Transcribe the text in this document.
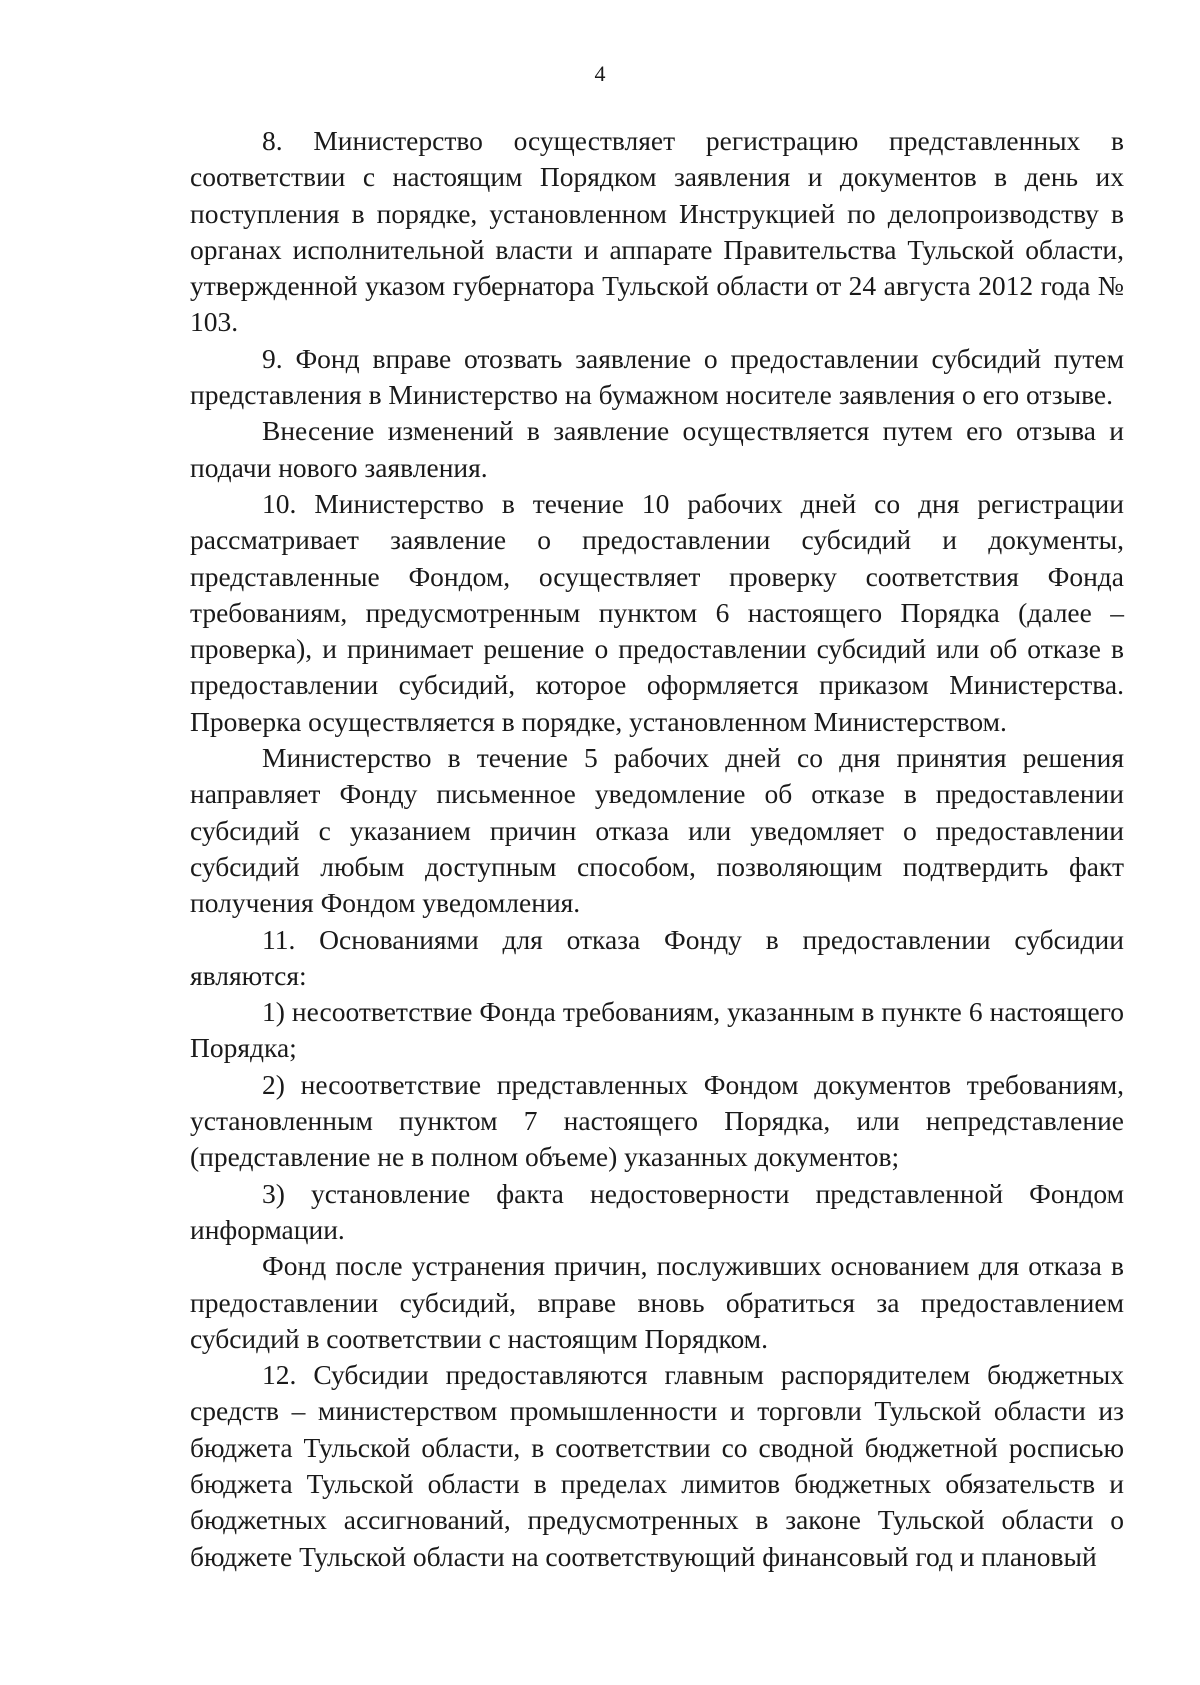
4

8. Министерство осуществляет регистрацию представленных в соответствии с настоящим Порядком заявления и документов в день их поступления в порядке, установленном Инструкцией по делопроизводству в органах исполнительной власти и аппарате Правительства Тульской области, утвержденной указом губернатора Тульской области от 24 августа 2012 года № 103.

9. Фонд вправе отозвать заявление о предоставлении субсидий путем представления в Министерство на бумажном носителе заявления о его отзыве.

Внесение изменений в заявление осуществляется путем его отзыва и подачи нового заявления.

10. Министерство в течение 10 рабочих дней со дня регистрации рассматривает заявление о предоставлении субсидий и документы, представленные Фондом, осуществляет проверку соответствия Фонда требованиям, предусмотренным пунктом 6 настоящего Порядка (далее – проверка), и принимает решение о предоставлении субсидий или об отказе в предоставлении субсидий, которое оформляется приказом Министерства. Проверка осуществляется в порядке, установленном Министерством.

Министерство в течение 5 рабочих дней со дня принятия решения направляет Фонду письменное уведомление об отказе в предоставлении субсидий с указанием причин отказа или уведомляет о предоставлении субсидий любым доступным способом, позволяющим подтвердить факт получения Фондом уведомления.

11. Основаниями для отказа Фонду в предоставлении субсидии являются:

1) несоответствие Фонда требованиям, указанным в пункте 6 настоящего Порядка;

2) несоответствие представленных Фондом документов требованиям, установленным пунктом 7 настоящего Порядка, или непредставление (представление не в полном объеме) указанных документов;

3) установление факта недостоверности представленной Фондом информации.

Фонд после устранения причин, послуживших основанием для отказа в предоставлении субсидий, вправе вновь обратиться за предоставлением субсидий в соответствии с настоящим Порядком.

12. Субсидии предоставляются главным распорядителем бюджетных средств – министерством промышленности и торговли Тульской области из бюджета Тульской области, в соответствии со сводной бюджетной росписью бюджета Тульской области в пределах лимитов бюджетных обязательств и бюджетных ассигнований, предусмотренных в законе Тульской области о бюджете Тульской области на соответствующий финансовый год и плановый
